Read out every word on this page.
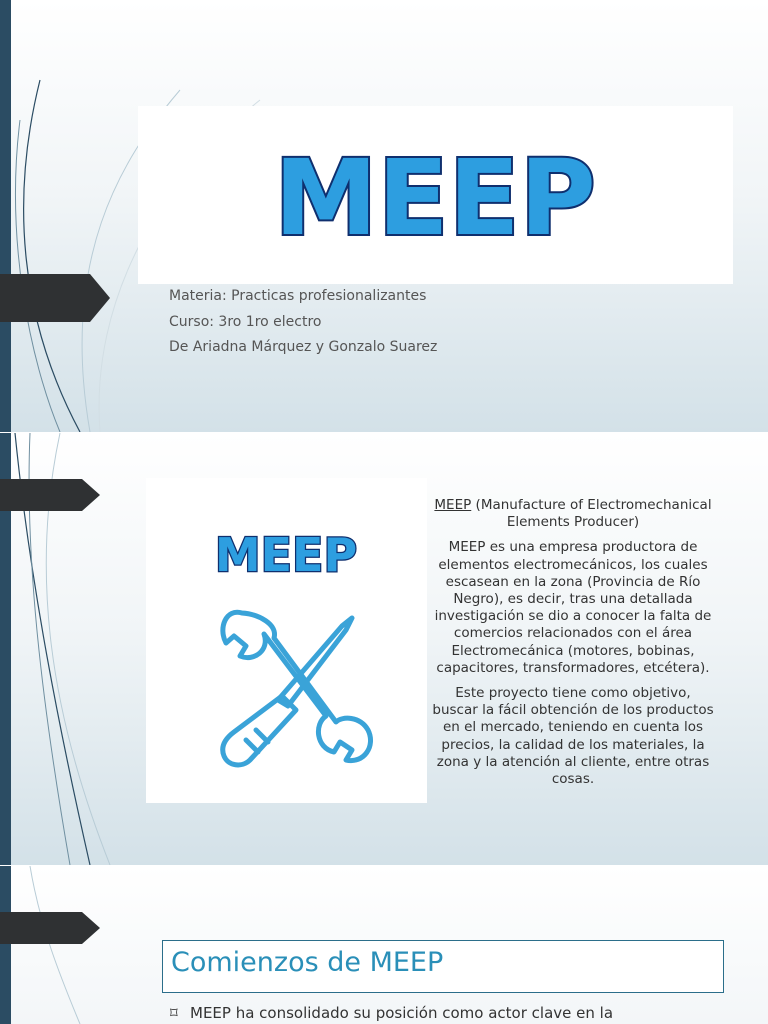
MEEP
Materia: Practicas profesionalizantes
Curso: 3ro 1ro electro
De Ariadna Márquez y Gonzalo Suarez
MEEP

MEEP (Manufacture of Electromechanical Elements Producer)

MEEP es una empresa productora de elementos electromecánicos, los cuales escasean en la zona (Provincia de Río Negro), es decir, tras una detallada investigación se dio a conocer la falta de comercios relacionados con el área Electromecánica (motores, bobinas, capacitores, transformadores, etcétera).

Este proyecto tiene como objetivo, buscar la fácil obtención de los productos en el mercado, teniendo en cuenta los precios, la calidad de los materiales, la zona y la atención al cliente, entre otras cosas.

Comienzos de MEEP
⌑ MEEP ha consolidado su posición como actor clave en la
